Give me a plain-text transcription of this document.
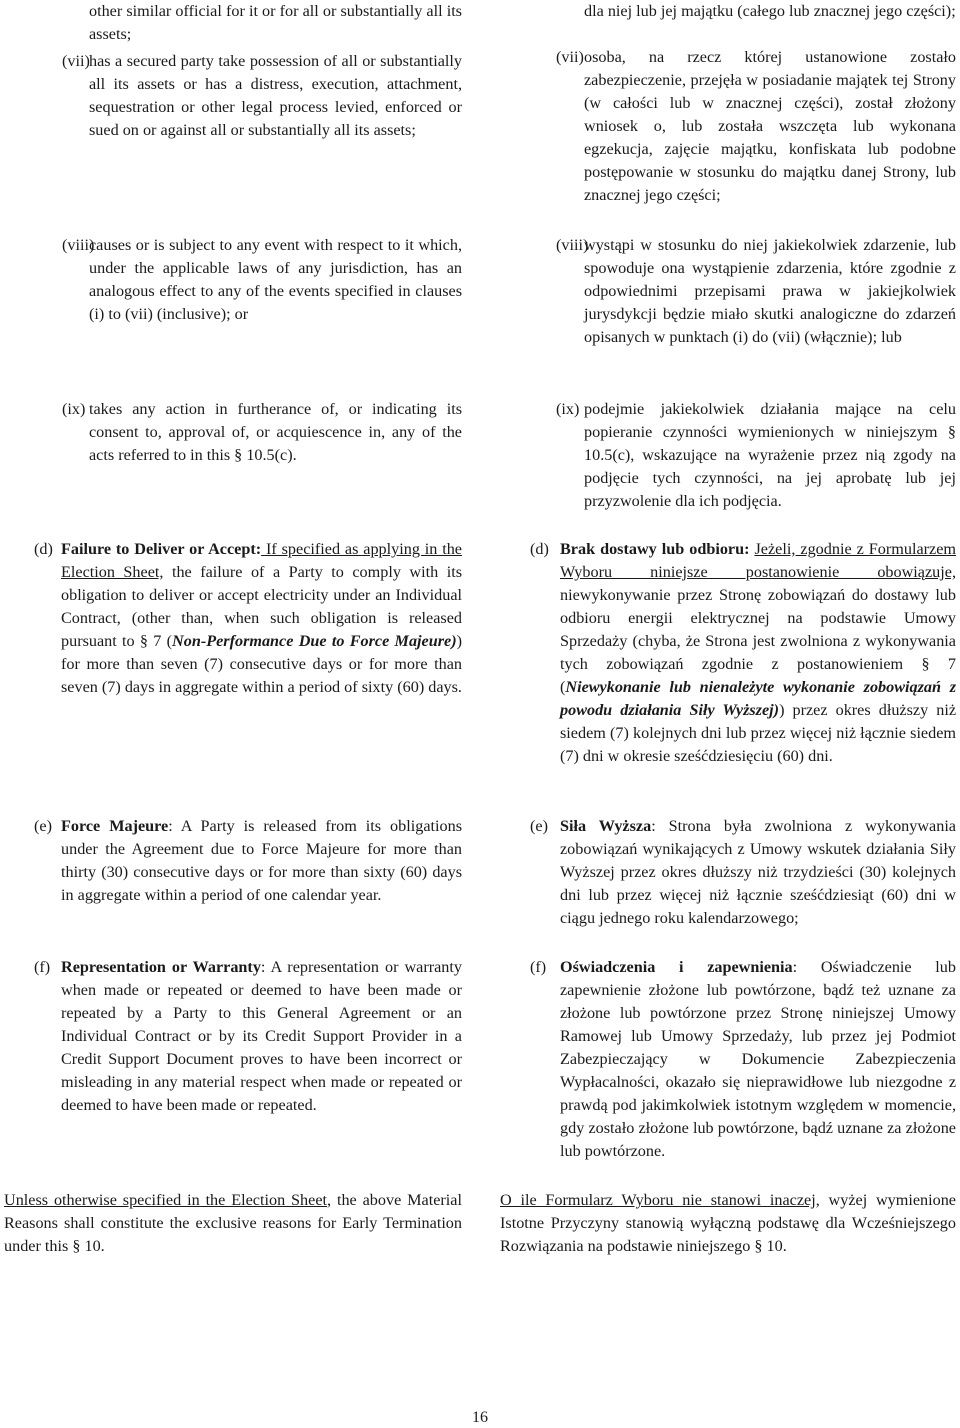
other similar official for it or for all or substantially all its assets;
(vii) has a secured party take possession of all or substantially all its assets or has a distress, execution, attachment, sequestration or other legal process levied, enforced or sued on or against all or substantially all its assets;
(viii)
causes or is subject to any event with respect to it which, under the applicable laws of any jurisdiction, has an analogous effect to any of the events specified in clauses (i) to (vii) (inclusive); or
(ix) takes any action in furtherance of, or indicating its consent to, approval of, or acquiescence in, any of the acts referred to in this § 10.5(c).
(d) Failure to Deliver or Accept: If specified as applying in the Election Sheet, the failure of a Party to comply with its obligation to deliver or accept electricity under an Individual Contract, (other than, when such obligation is released pursuant to § 7 (Non-Performance Due to Force Majeure)) for more than seven (7) consecutive days or for more than seven (7) days in aggregate within a period of sixty (60) days.
(e) Force Majeure: A Party is released from its obligations under the Agreement due to Force Majeure for more than thirty (30) consecutive days or for more than sixty (60) days in aggregate within a period of one calendar year.
(f) Representation or Warranty: A representation or warranty when made or repeated or deemed to have been made or repeated by a Party to this General Agreement or an Individual Contract or by its Credit Support Provider in a Credit Support Document proves to have been incorrect or misleading in any material respect when made or repeated or deemed to have been made or repeated.
Unless otherwise specified in the Election Sheet, the above Material Reasons shall constitute the exclusive reasons for Early Termination under this § 10.
dla niej lub jej majątku (całego lub znacznej jego części);
(vii) osoba, na rzecz której ustanowione zostało zabezpieczenie, przejęła w posiadanie majątek tej Strony (w całości lub w znacznej części), został złożony wniosek o, lub została wszczęta lub wykonana egzekucja, zajęcie majątku, konfiskata lub podobne postępowanie w stosunku do majątku danej Strony, lub znacznej jego części;
(viii)
wystąpi w stosunku do niej jakiekolwiek zdarzenie, lub spowoduje ona wystąpienie zdarzenia, które zgodnie z odpowiednimi przepisami prawa w jakiejkolwiek jurysdykcji będzie miało skutki analogiczne do zdarzeń opisanych w punktach (i) do (vii) (włącznie); lub
(ix) podejmie jakiekolwiek działania mające na celu popieranie czynności wymienionych w niniejszym § 10.5(c), wskazujące na wyrażenie przez nią zgody na podjęcie tych czynności, na jej aprobatę lub jej przyzwolenie dla ich podjęcia.
(d) Brak dostawy lub odbioru: Jeżeli, zgodnie z Formularzem Wyboru niniejsze postanowienie obowiązuje, niewykonywanie przez Stronę zobowiązań do dostawy lub odbioru energii elektrycznej na podstawie Umowy Sprzedaży (chyba, że Strona jest zwolniona z wykonywania tych zobowiązań zgodnie z postanowieniem § 7 (Niewykonanie lub nienależyte wykonanie zobowiązań z powodu działania Siły Wyższej)) przez okres dłuższy niż siedem (7) kolejnych dni lub przez więcej niż łącznie siedem (7) dni w okresie sześćdziesięciu (60) dni.
(e) Siła Wyższa: Strona była zwolniona z wykonywania zobowiązań wynikających z Umowy wskutek działania Siły Wyższej przez okres dłuższy niż trzydzieści (30) kolejnych dni lub przez więcej niż łącznie sześćdziesiąt (60) dni w ciągu jednego roku kalendarzowego;
(f) Oświadczenia i zapewnienia: Oświadczenie lub zapewnienie złożone lub powtórzone, bądź też uznane za złożone lub powtórzone przez Stronę niniejszej Umowy Ramowej lub Umowy Sprzedaży, lub przez jej Podmiot Zabezpieczający w Dokumencie Zabezpieczenia Wypłacalności, okazało się nieprawidłowe lub niezgodne z prawdą pod jakimkolwiek istotnym względem w momencie, gdy zostało złożone lub powtórzone, bądź uznane za złożone lub powtórzone.
O ile Formularz Wyboru nie stanowi inaczej, wyżej wymienione Istotne Przyczyny stanowią wyłączną podstawę dla Wcześniejszego Rozwiązania na podstawie niniejszego § 10.
16
